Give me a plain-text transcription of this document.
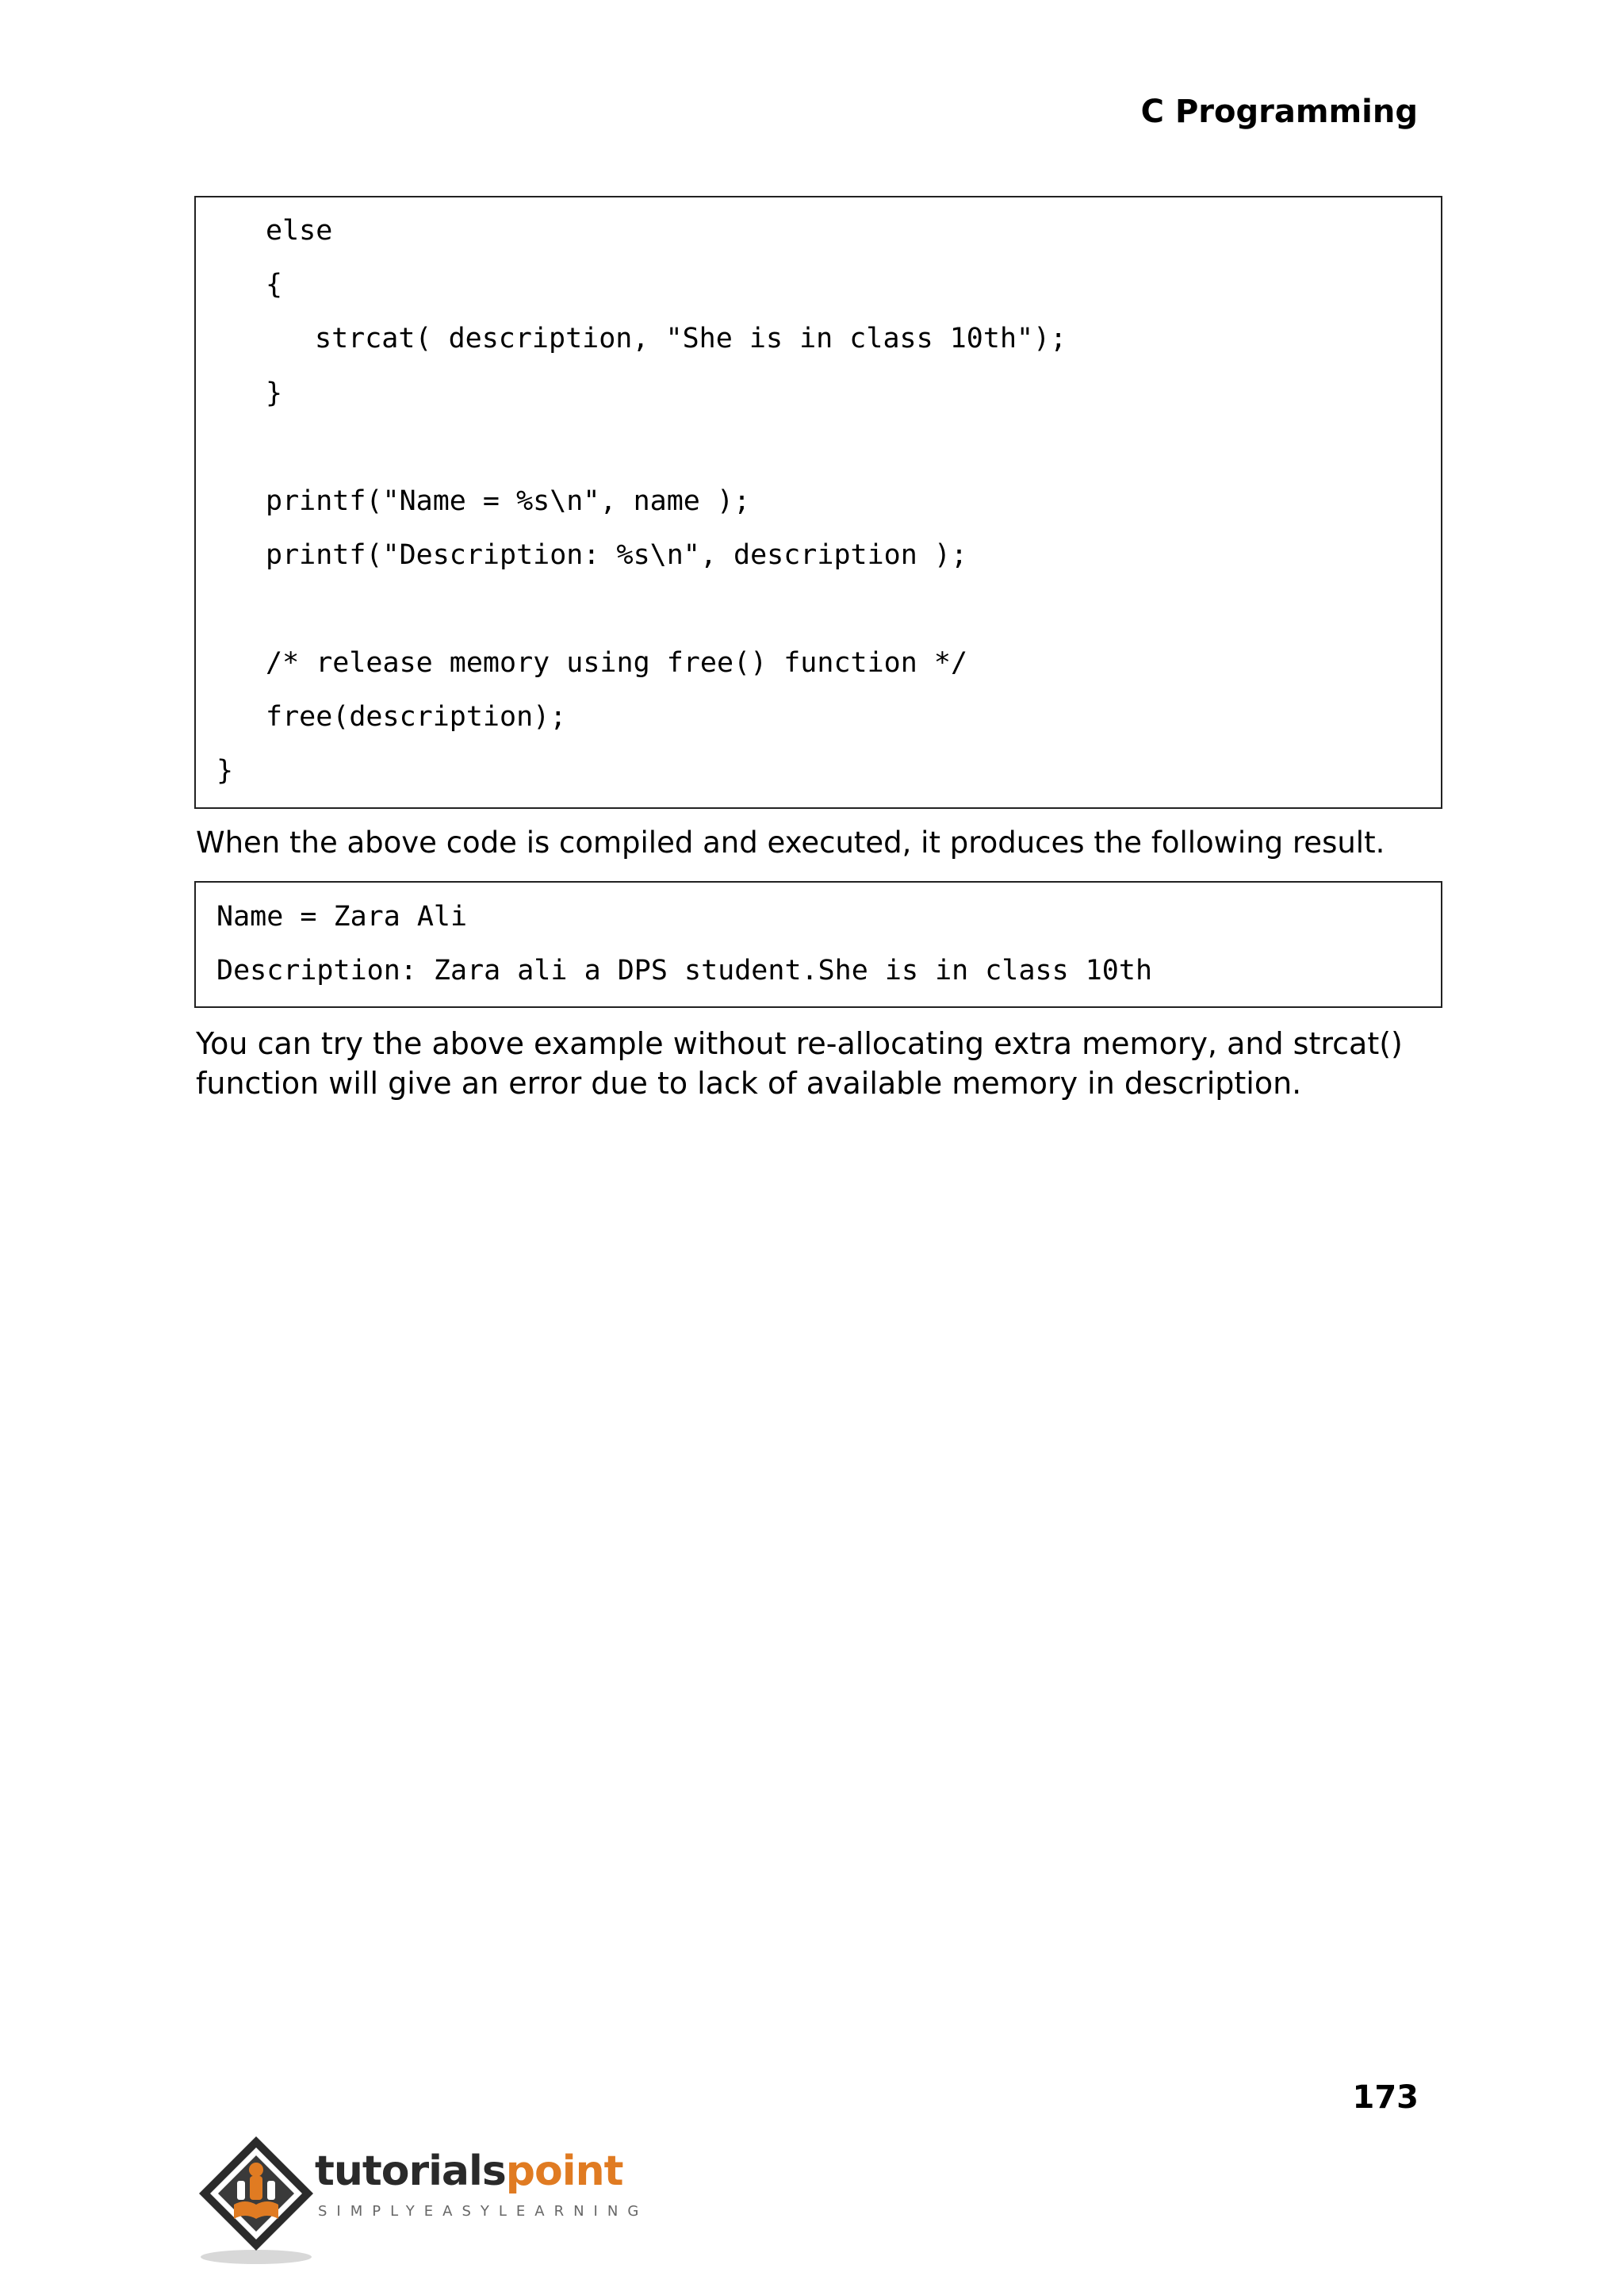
C Programming
else
{
strcat( description, "She is in class 10th");
}
printf("Name = %s\n", name );
printf("Description: %s\n", description );
/* release memory using free() function */
free(description);
}

When the above code is compiled and executed, it produces the following result.

Name = Zara Ali
Description: Zara ali a DPS student.She is in class 10th

You can try the above example without re-allocating extra memory, and strcat()
function will give an error due to lack of available memory in description.

173
tutorialspoint
SIMPLYEASYLEARNING
